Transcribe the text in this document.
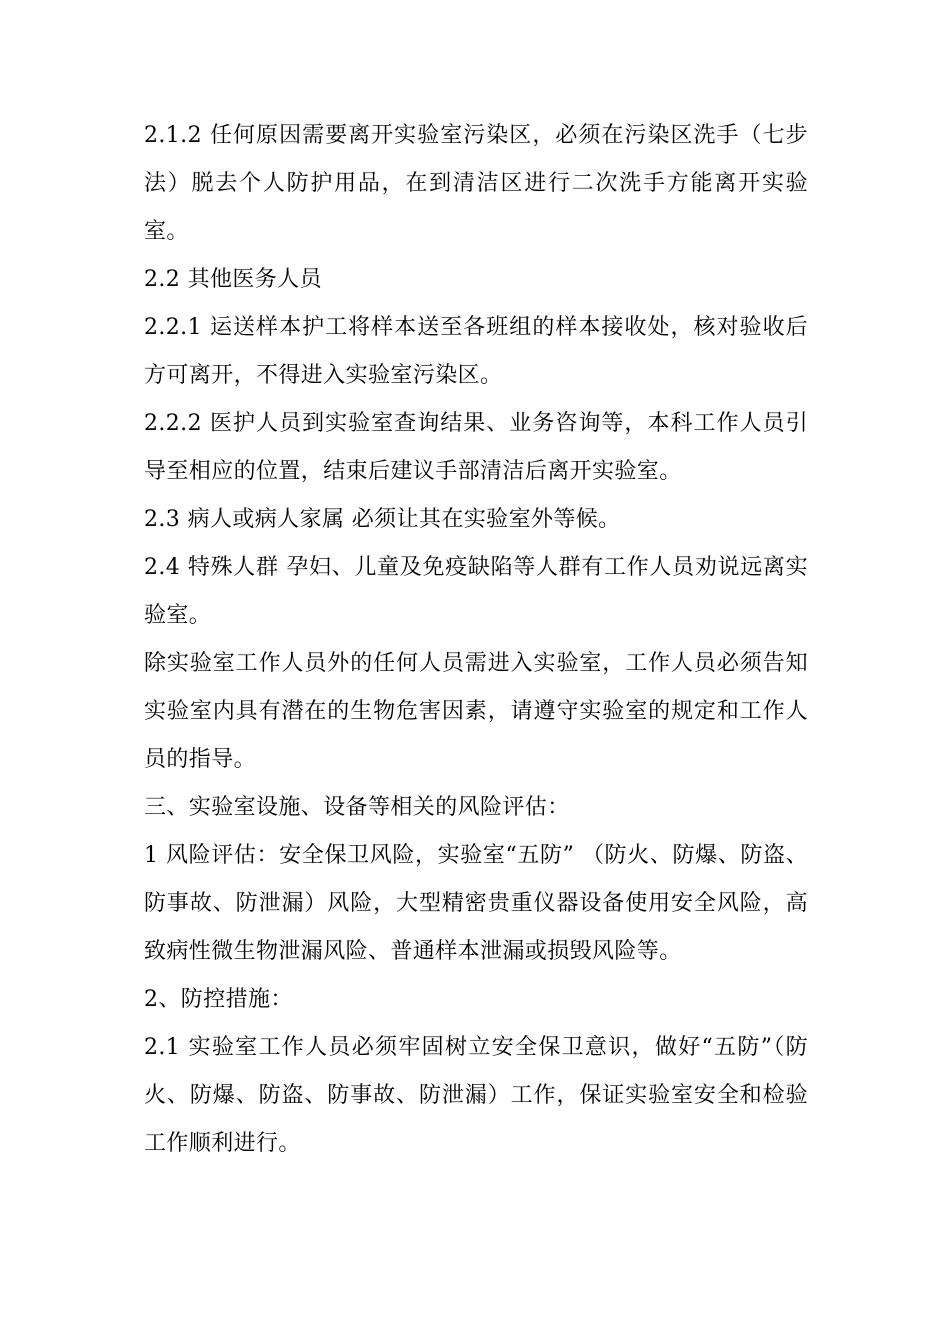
2.1.2 任何原因需要离开实验室污染区，必须在污染区洗手（七步法）脱去个人防护用品，在到清洁区进行二次洗手方能离开实验室。

2.2 其他医务人员

2.2.1 运送样本护工将样本送至各班组的样本接收处，核对验收后方可离开，不得进入实验室污染区。

2.2.2 医护人员到实验室查询结果、业务咨询等，本科工作人员引导至相应的位置，结束后建议手部清洁后离开实验室。

2.3 病人或病人家属 必须让其在实验室外等候。

2.4 特殊人群 孕妇、儿童及免疫缺陷等人群有工作人员劝说远离实验室。

除实验室工作人员外的任何人员需进入实验室，工作人员必须告知实验室内具有潜在的生物危害因素，请遵守实验室的规定和工作人员的指导。

三、实验室设施、设备等相关的风险评估：

1 风险评估：安全保卫风险，实验室“五防” （防火、防爆、防盗、防事故、防泄漏）风险，大型精密贵重仪器设备使用安全风险，高致病性微生物泄漏风险、普通样本泄漏或损毁风险等。

2、防控措施：

2.1 实验室工作人员必须牢固树立安全保卫意识，做好“五防”（防火、防爆、防盗、防事故、防泄漏）工作，保证实验室安全和检验工作顺利进行。
